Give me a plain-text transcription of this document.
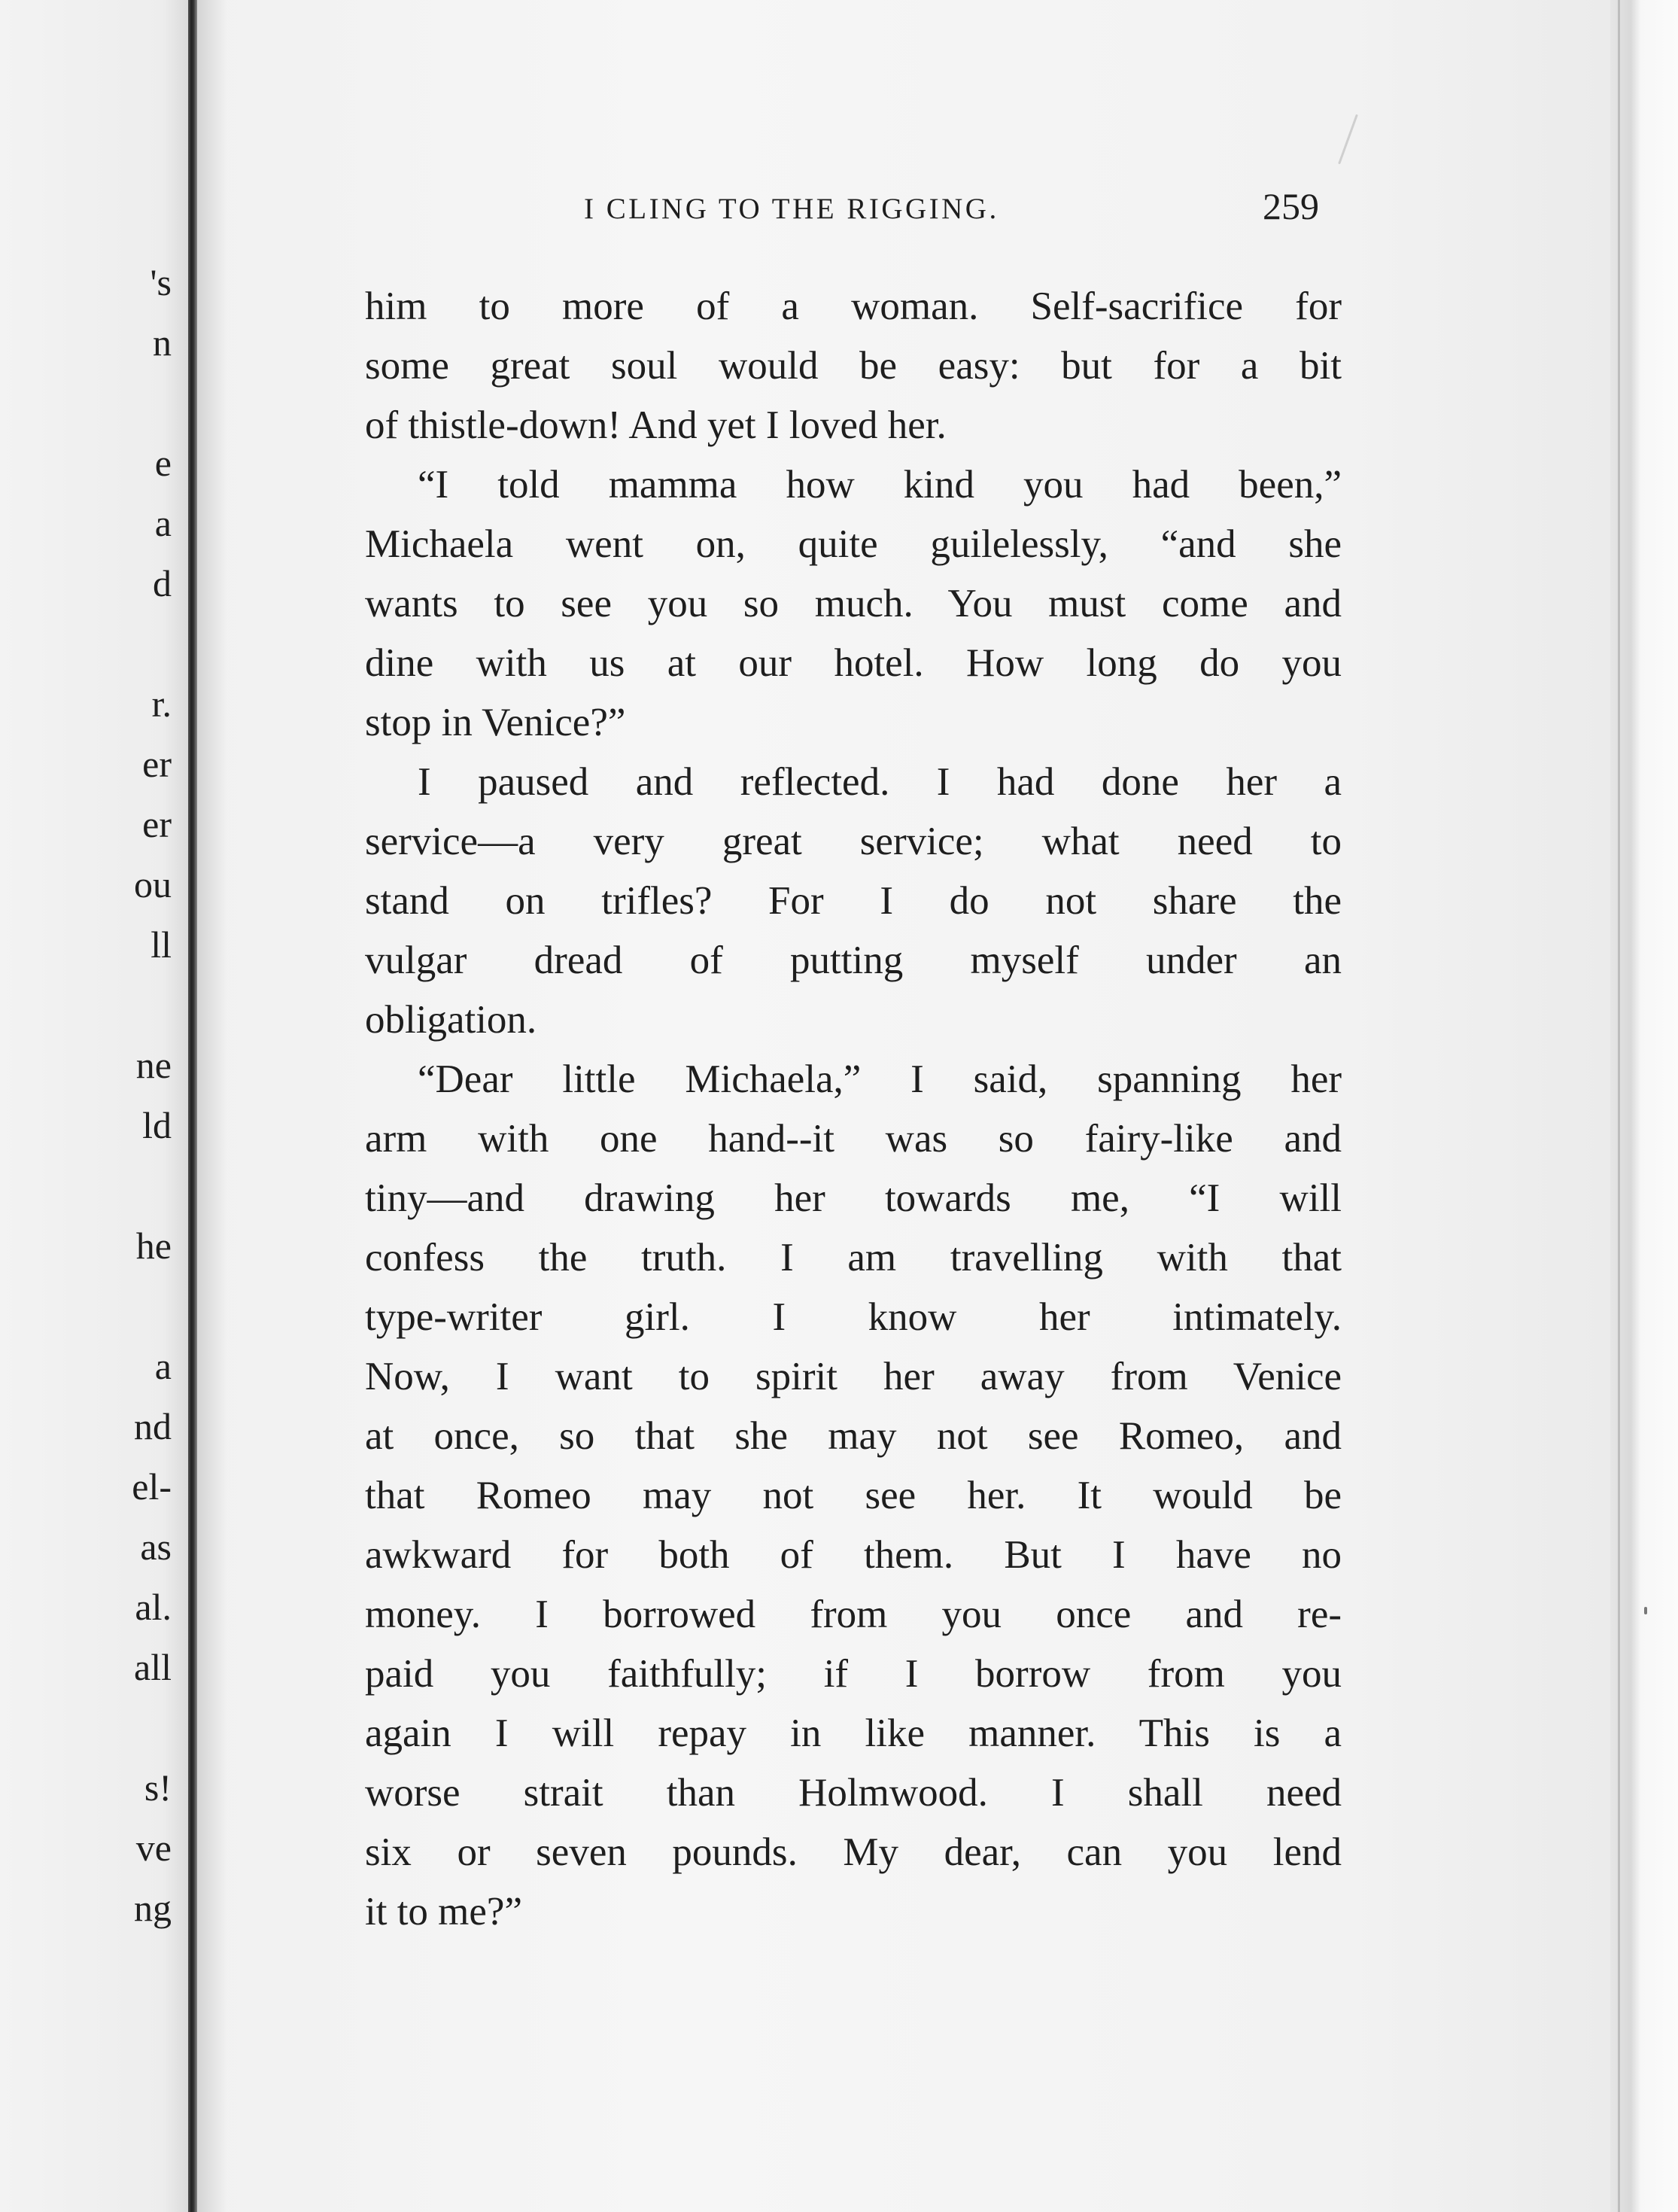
's
n
e
a
d
r.
er
er
ou
ll
ne
ld
he
a
nd
el-
as
al.
all
s!
ve
ng
I CLING TO THE RIGGING.	259
him to more of a woman. Self-sacrifice for
some great soul would be easy: but for a bit
of thistle-down! And yet I loved her.
“I told mamma how kind you had been,”
Michaela went on, quite guilelessly, “and she
wants to see you so much. You must come and
dine with us at our hotel. How long do you
stop in Venice?”
I paused and reflected. I had done her a
service—a very great service; what need to
stand on trifles? For I do not share the
vulgar dread of putting myself under an
obligation.
“Dear little Michaela,” I said, spanning her
arm with one hand--it was so fairy-like and
tiny—and drawing her towards me, “I will
confess the truth. I am travelling with that
type-writer girl. I know her intimately.
Now, I want to spirit her away from Venice
at once, so that she may not see Romeo, and
that Romeo may not see her. It would be
awkward for both of them. But I have no
money. I borrowed from you once and re-
paid you faithfully; if I borrow from you
again I will repay in like manner. This is a
worse strait than Holmwood. I shall need
six or seven pounds. My dear, can you lend
it to me?”
